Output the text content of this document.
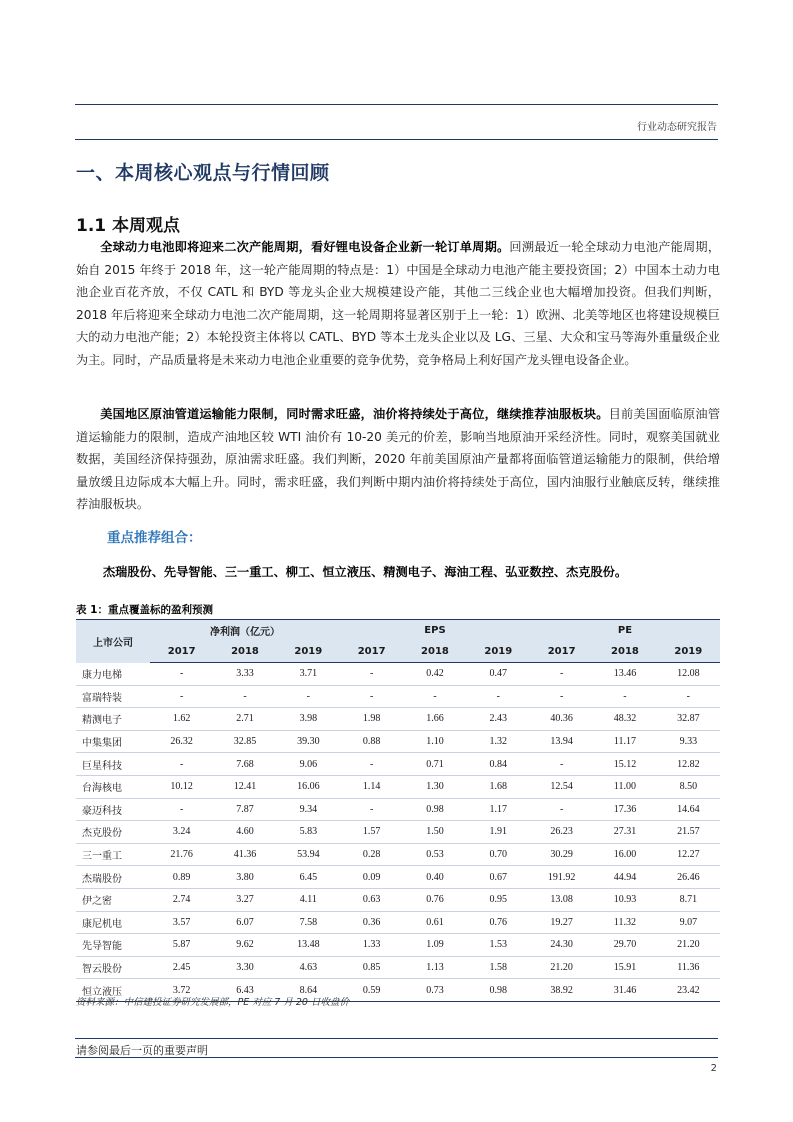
行业动态研究报告
一、本周核心观点与行情回顾
1.1 本周观点
全球动力电池即将迎来二次产能周期，看好锂电设备企业新一轮订单周期。回溯最近一轮全球动力电池产能周期，始自 2015 年终于 2018 年，这一轮产能周期的特点是：1）中国是全球动力电池产能主要投资国；2）中国本土动力电池企业百花齐放，不仅 CATL 和 BYD 等龙头企业大规模建设产能，其他二三线企业也大幅增加投资。但我们判断，2018 年后将迎来全球动力电池二次产能周期，这一轮周期将显著区别于上一轮：1）欧洲、北美等地区也将建设规模巨大的动力电池产能；2）本轮投资主体将以 CATL、BYD 等本土龙头企业以及 LG、三星、大众和宝马等海外重量级企业为主。同时，产品质量将是未来动力电池企业重要的竞争优势，竞争格局上利好国产龙头锂电设备企业。
美国地区原油管道运输能力限制，同时需求旺盛，油价将持续处于高位，继续推荐油服板块。目前美国面临原油管道运输能力的限制，造成产油地区较 WTI 油价有 10-20 美元的价差，影响当地原油开采经济性。同时，观察美国就业数据，美国经济保持强劲，原油需求旺盛。我们判断，2020 年前美国原油产量都将面临管道运输能力的限制，供给增量放缓且边际成本大幅上升。同时，需求旺盛，我们判断中期内油价将持续处于高位，国内油服行业触底反转，继续推荐油服板块。
重点推荐组合：
杰瑞股份、先导智能、三一重工、柳工、恒立液压、精测电子、海油工程、弘亚数控、杰克股份。
表 1：重点覆盖标的盈利预测
上市公司	净利润（亿元）			EPS			PE		
	2017	2018	2019	2017	2018	2019	2017	2018	2019
康力电梯	-	3.33	3.71	-	0.42	0.47	-	13.46	12.08
富瑞特装	-	-	-	-	-	-	-	-	-
精测电子	1.62	2.71	3.98	1.98	1.66	2.43	40.36	48.32	32.87
中集集团	26.32	32.85	39.30	0.88	1.10	1.32	13.94	11.17	9.33
巨星科技	-	7.68	9.06	-	0.71	0.84	-	15.12	12.82
台海核电	10.12	12.41	16.06	1.14	1.30	1.68	12.54	11.00	8.50
豪迈科技	-	7.87	9.34	-	0.98	1.17	-	17.36	14.64
杰克股份	3.24	4.60	5.83	1.57	1.50	1.91	26.23	27.31	21.57
三一重工	21.76	41.36	53.94	0.28	0.53	0.70	30.29	16.00	12.27
杰瑞股份	0.89	3.80	6.45	0.09	0.40	0.67	191.92	44.94	26.46
伊之密	2.74	3.27	4.11	0.63	0.76	0.95	13.08	10.93	8.71
康尼机电	3.57	6.07	7.58	0.36	0.61	0.76	19.27	11.32	9.07
先导智能	5.87	9.62	13.48	1.33	1.09	1.53	24.30	29.70	21.20
智云股份	2.45	3.30	4.63	0.85	1.13	1.58	21.20	15.91	11.36
恒立液压	3.72	6.43	8.64	0.59	0.73	0.98	38.92	31.46	23.42
资料来源：中信建投证券研究发展部，PE 对应 7 月 20 日收盘价
请参阅最后一页的重要声明
2
